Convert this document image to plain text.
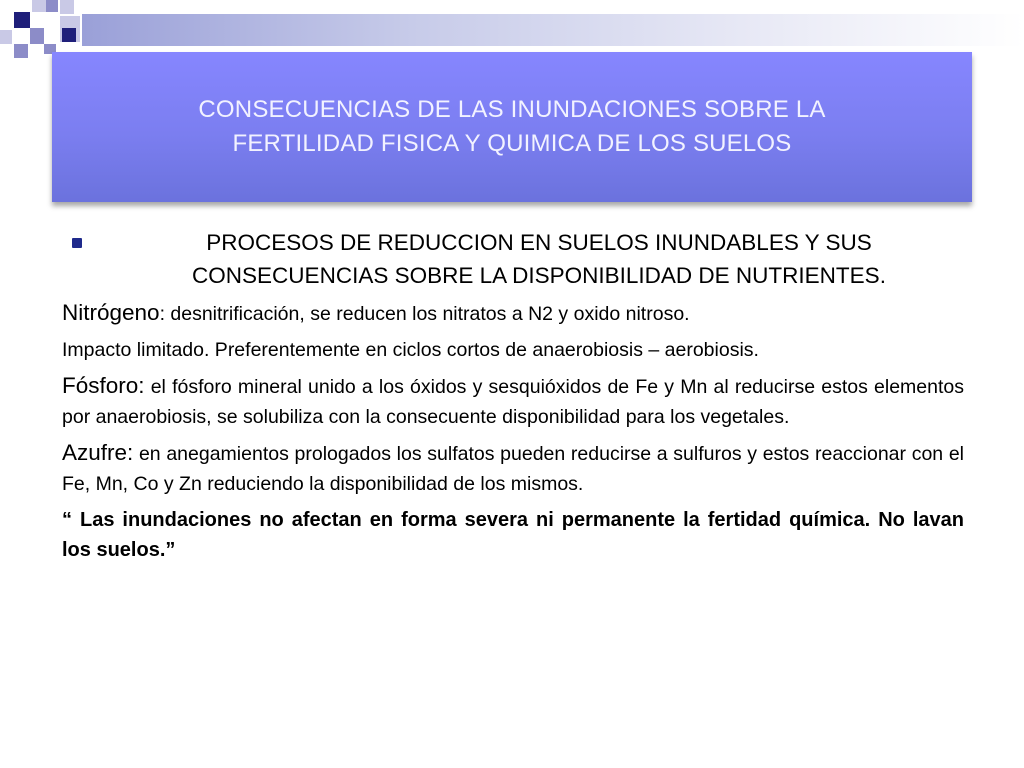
CONSECUENCIAS DE LAS INUNDACIONES SOBRE LA FERTILIDAD FISICA Y QUIMICA DE LOS SUELOS
PROCESOS DE REDUCCION EN SUELOS INUNDABLES Y SUS CONSECUENCIAS SOBRE LA DISPONIBILIDAD DE NUTRIENTES.

Nitrógeno: desnitrificación, se reducen los nitratos a N2 y oxido nitroso.

Impacto limitado. Preferentemente en ciclos cortos de anaerobiosis – aerobiosis.

Fósforo: el fósforo mineral unido a los óxidos y sesquióxidos de Fe y Mn al reducirse estos elementos por anaerobiosis, se solubiliza con la consecuente disponibilidad para los vegetales.

Azufre: en anegamientos prologados los sulfatos pueden reducirse a sulfuros y estos reaccionar con el Fe, Mn, Co y Zn reduciendo la disponibilidad de los mismos.

“ Las inundaciones no afectan en forma severa ni permanente la fertidad química. No lavan los suelos.”
